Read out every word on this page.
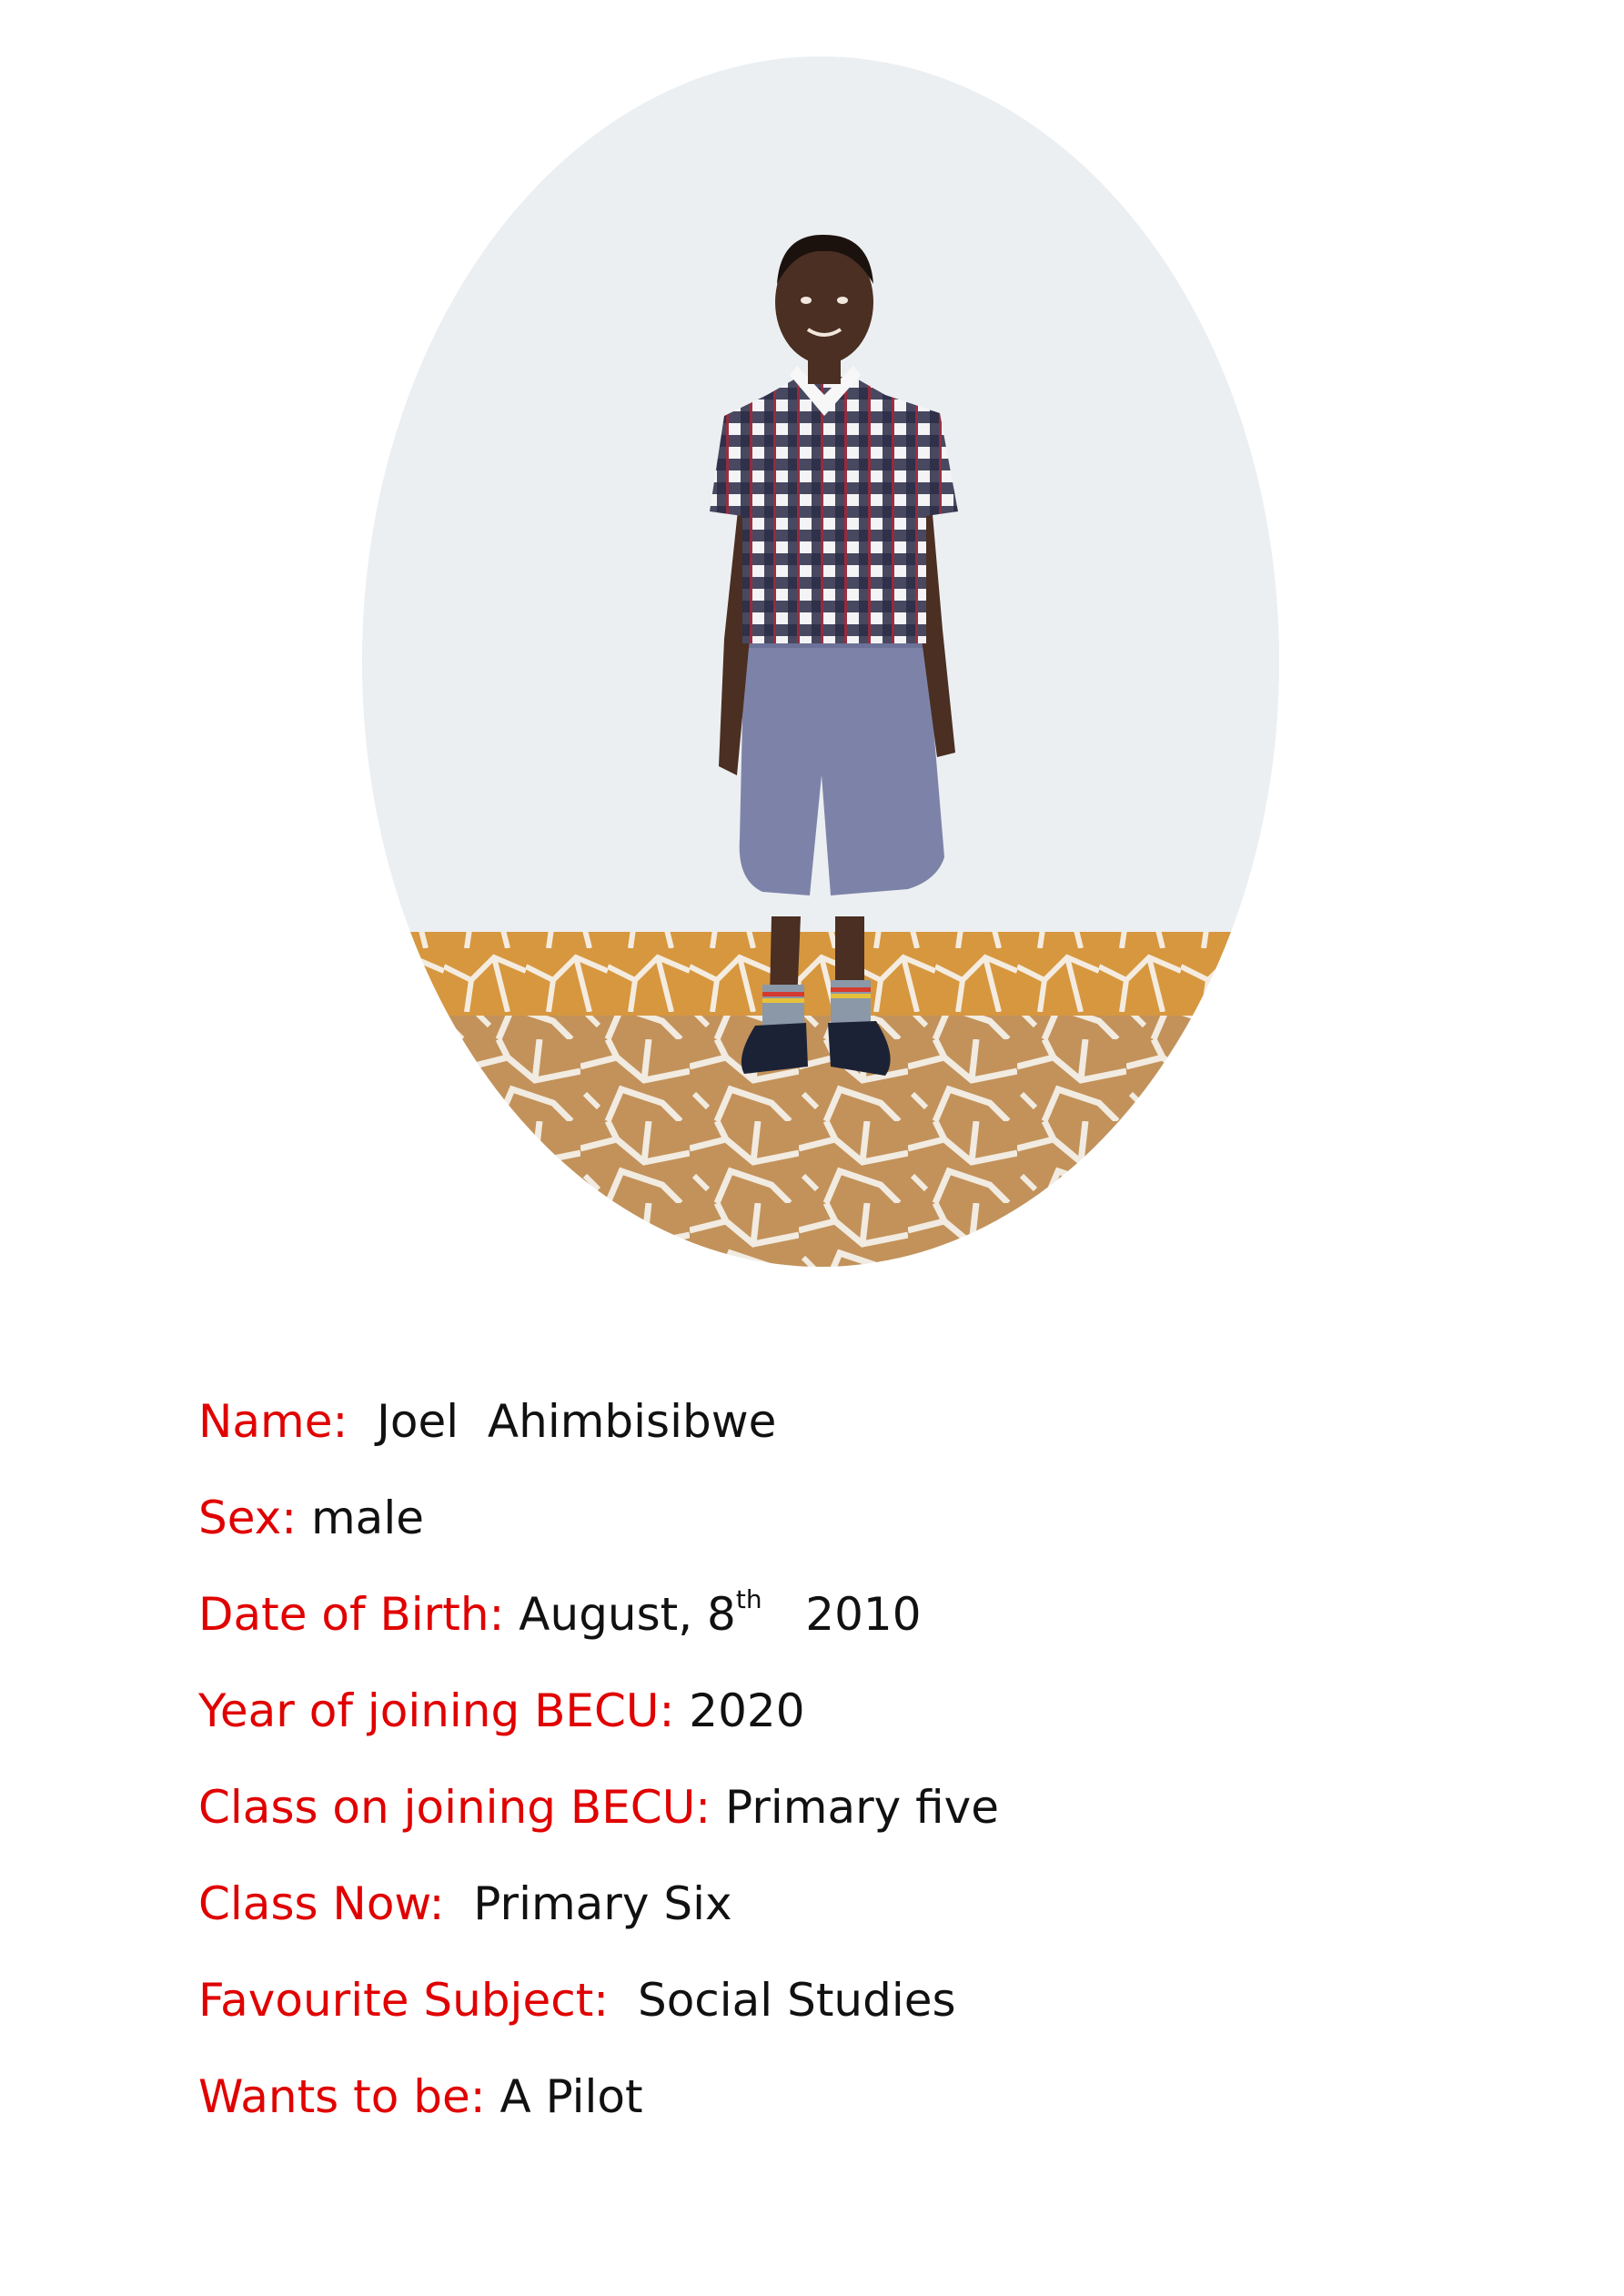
Name: Joel  Ahimbisibwe
Sex: male
Date of Birth: August, 8th 2010
Year of joining BECU: 2020
Class on joining BECU: Primary five
Class Now: Primary Six
Favourite Subject: Social Studies
Wants to be: A Pilot
